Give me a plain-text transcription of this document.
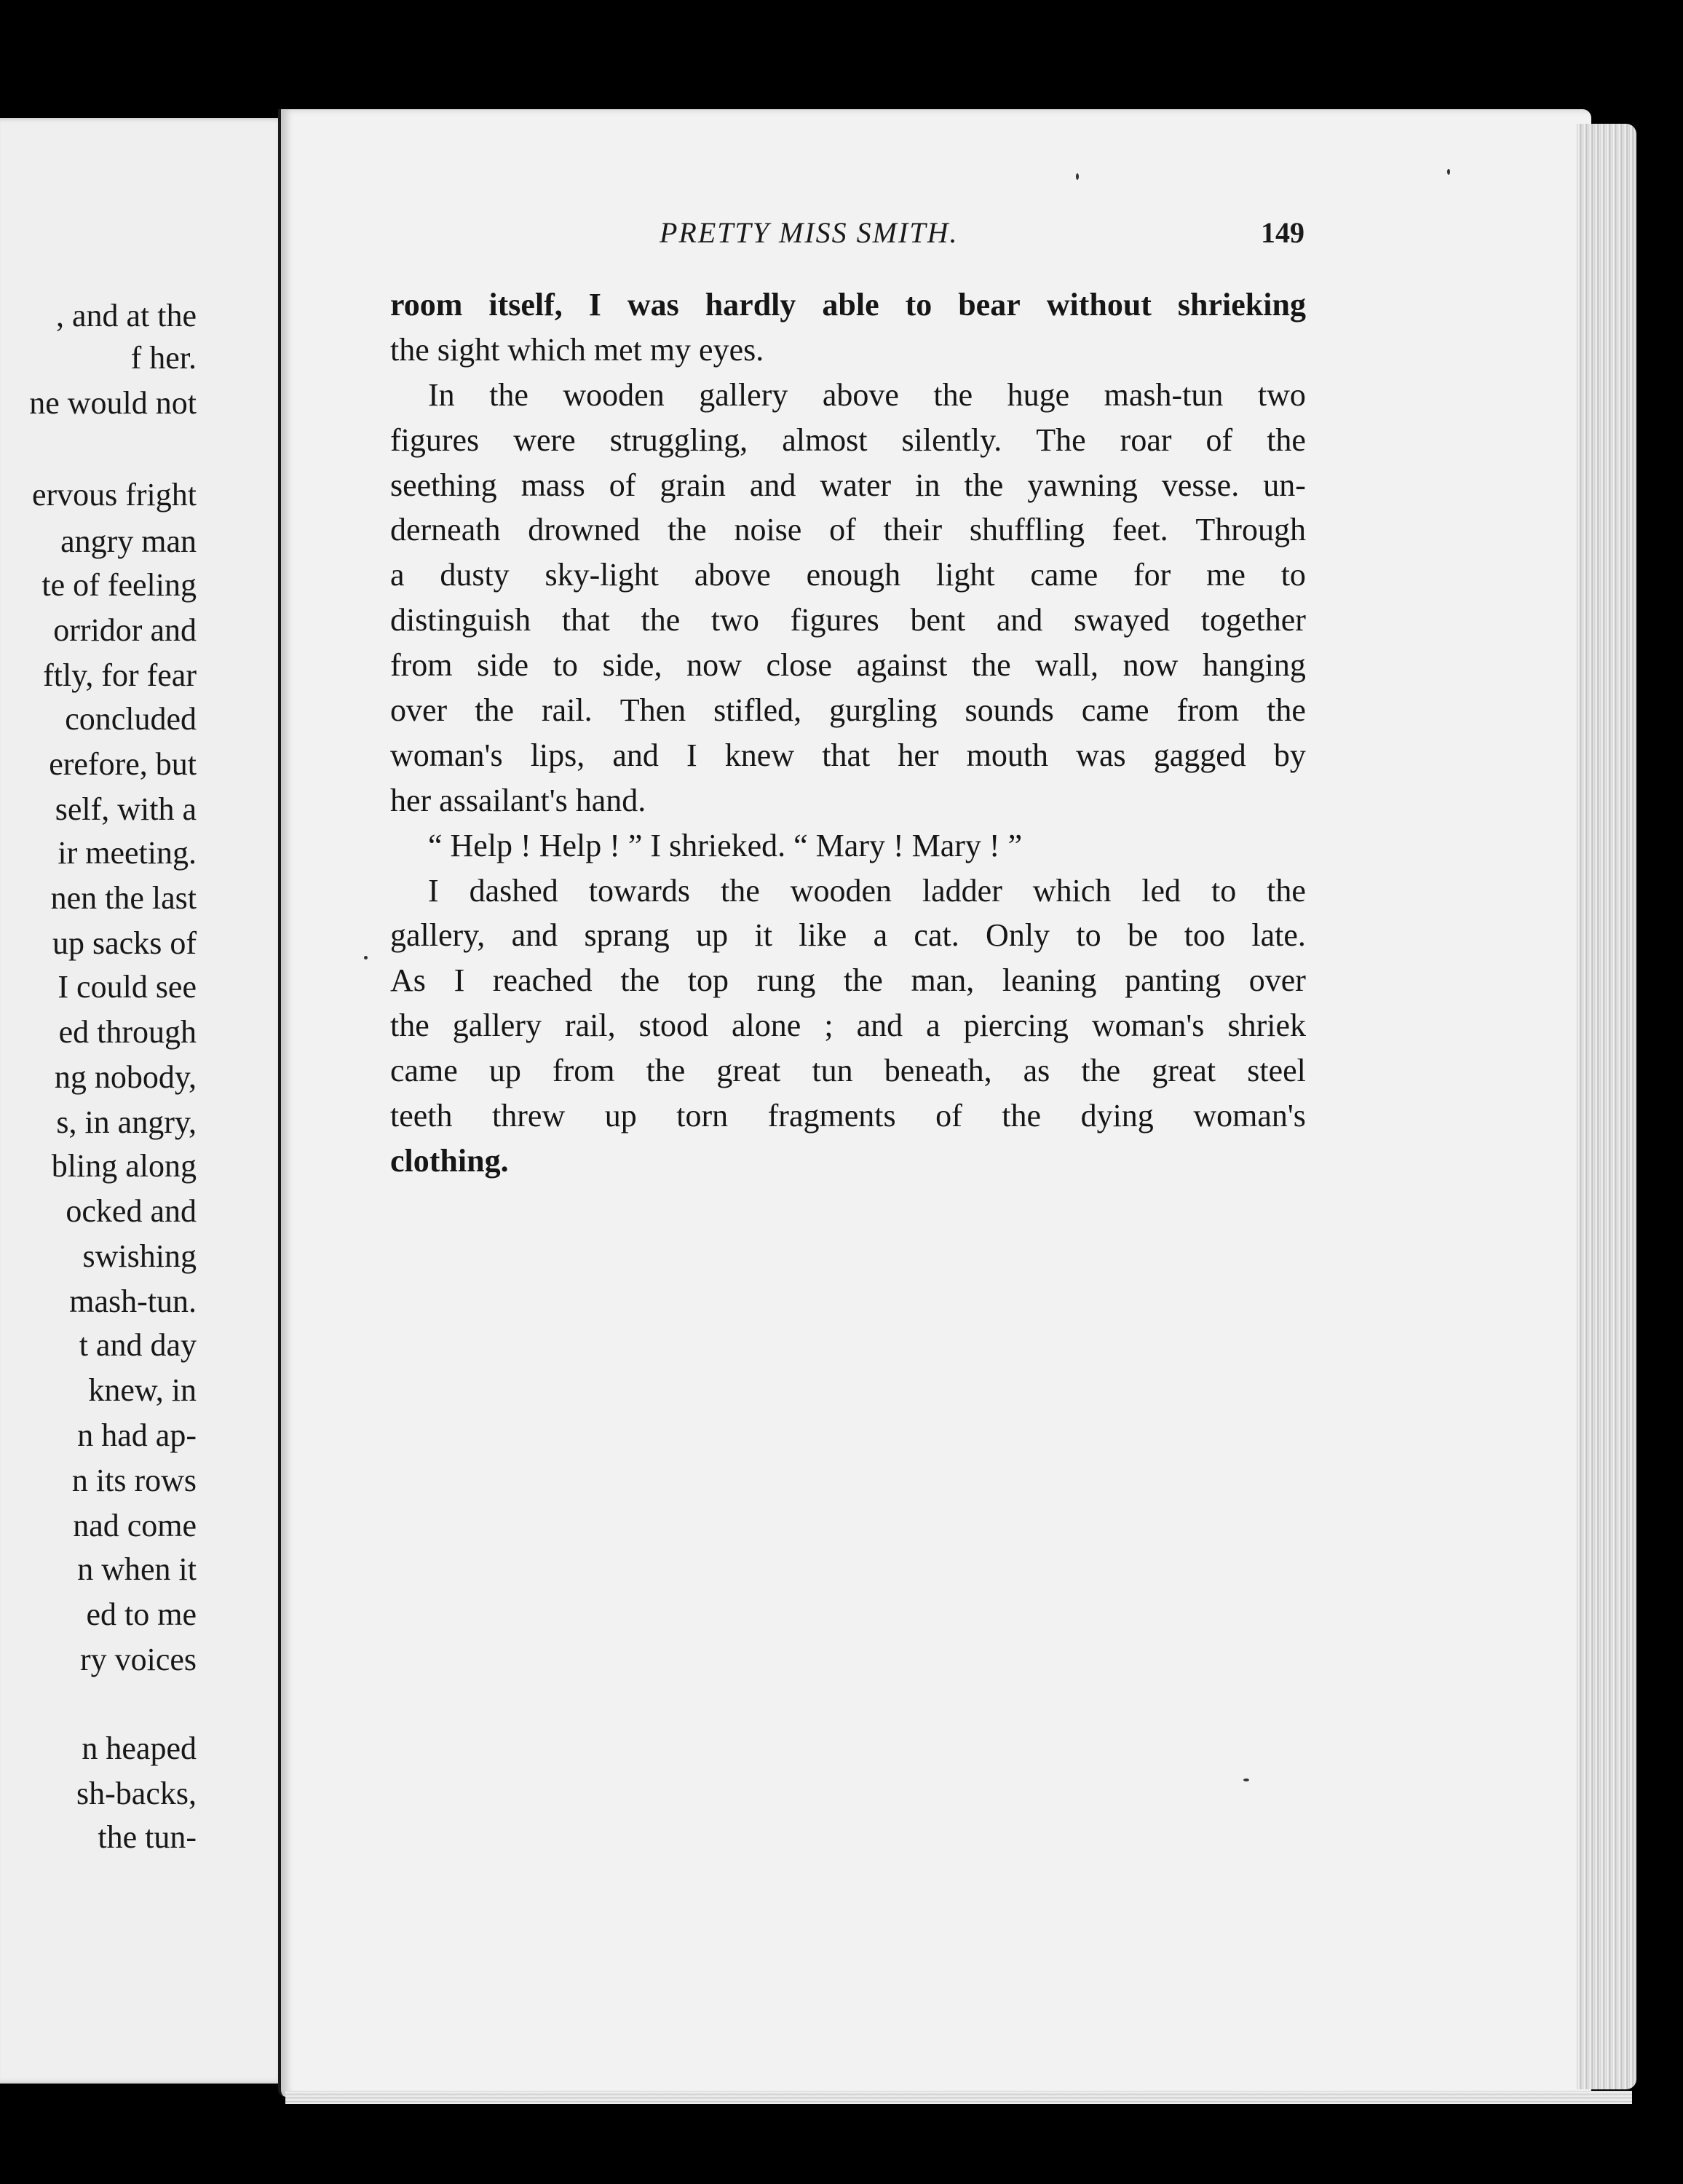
, and at the
f her.
ne would not
ervous fright
angry man
te of feeling
orridor and
ftly, for fear
concluded
erefore, but
self, with a
ir meeting.
nen the last
up sacks of
I could see
ed through
ng nobody,
s, in angry,
bling along
ocked and
swishing
mash-tun.
t and day
knew, in
n had ap-
n its rows
nad come
n when it
ed to me
ry voices
n heaped
sh-backs,
the tun-
PRETTY MISS SMITH.	149
room itself, I was hardly able to bear without shrieking
the sight which met my eyes.
In the wooden gallery above the huge mash-tun two
figures were struggling, almost silently. The roar of the
seething mass of grain and water in the yawning vesse. un-
derneath drowned the noise of their shuffling feet. Through
a dusty sky-light above enough light came for me to
distinguish that the two figures bent and swayed together
from side to side, now close against the wall, now hanging
over the rail. Then stifled, gurgling sounds came from the
woman's lips, and I knew that her mouth was gagged by
her assailant's hand.
“ Help ! Help ! ” I shrieked. “ Mary ! Mary ! ”
I dashed towards the wooden ladder which led to the
gallery, and sprang up it like a cat. Only to be too late.
As I reached the top rung the man, leaning panting over
the gallery rail, stood alone ; and a piercing woman's shriek
came up from the great tun beneath, as the great steel
teeth threw up torn fragments of the dying woman's
clothing.
